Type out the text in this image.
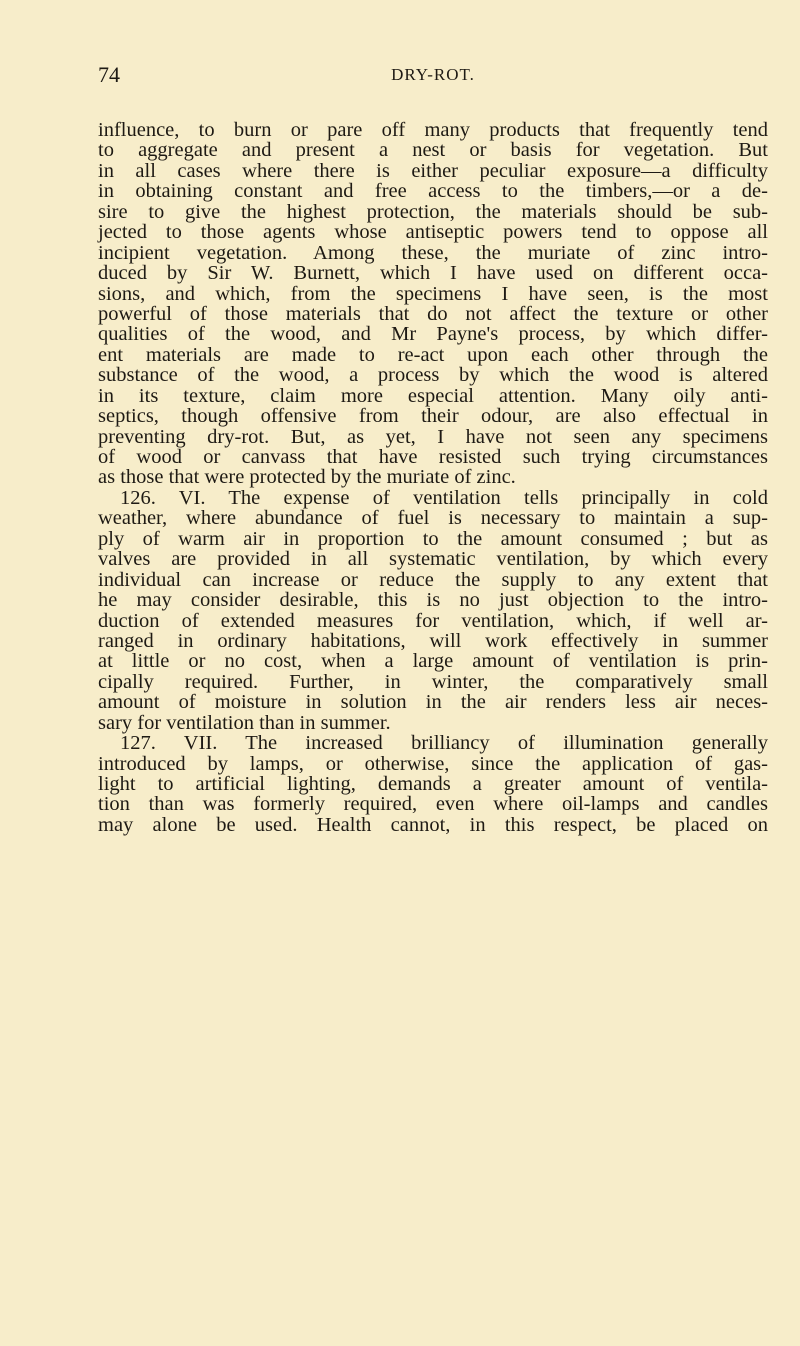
74	DRY-ROT.
influence, to burn or pare off many products that frequently tend
to aggregate and present a nest or basis for vegetation. But
in all cases where there is either peculiar exposure—a difficulty
in obtaining constant and free access to the timbers,—or a de-
sire to give the highest protection, the materials should be sub-
jected to those agents whose antiseptic powers tend to oppose all
incipient vegetation. Among these, the muriate of zinc intro-
duced by Sir W. Burnett, which I have used on different occa-
sions, and which, from the specimens I have seen, is the most
powerful of those materials that do not affect the texture or other
qualities of the wood, and Mr Payne's process, by which differ-
ent materials are made to re-act upon each other through the
substance of the wood, a process by which the wood is altered
in its texture, claim more especial attention. Many oily anti-
septics, though offensive from their odour, are also effectual in
preventing dry-rot. But, as yet, I have not seen any specimens
of wood or canvass that have resisted such trying circumstances
as those that were protected by the muriate of zinc.
126. VI. The expense of ventilation tells principally in cold
weather, where abundance of fuel is necessary to maintain a sup-
ply of warm air in proportion to the amount consumed ; but as
valves are provided in all systematic ventilation, by which every
individual can increase or reduce the supply to any extent that
he may consider desirable, this is no just objection to the intro-
duction of extended measures for ventilation, which, if well ar-
ranged in ordinary habitations, will work effectively in summer
at little or no cost, when a large amount of ventilation is prin-
cipally required. Further, in winter, the comparatively small
amount of moisture in solution in the air renders less air neces-
sary for ventilation than in summer.
127. VII. The increased brilliancy of illumination generally
introduced by lamps, or otherwise, since the application of gas-
light to artificial lighting, demands a greater amount of ventila-
tion than was formerly required, even where oil-lamps and candles
may alone be used. Health cannot, in this respect, be placed on
